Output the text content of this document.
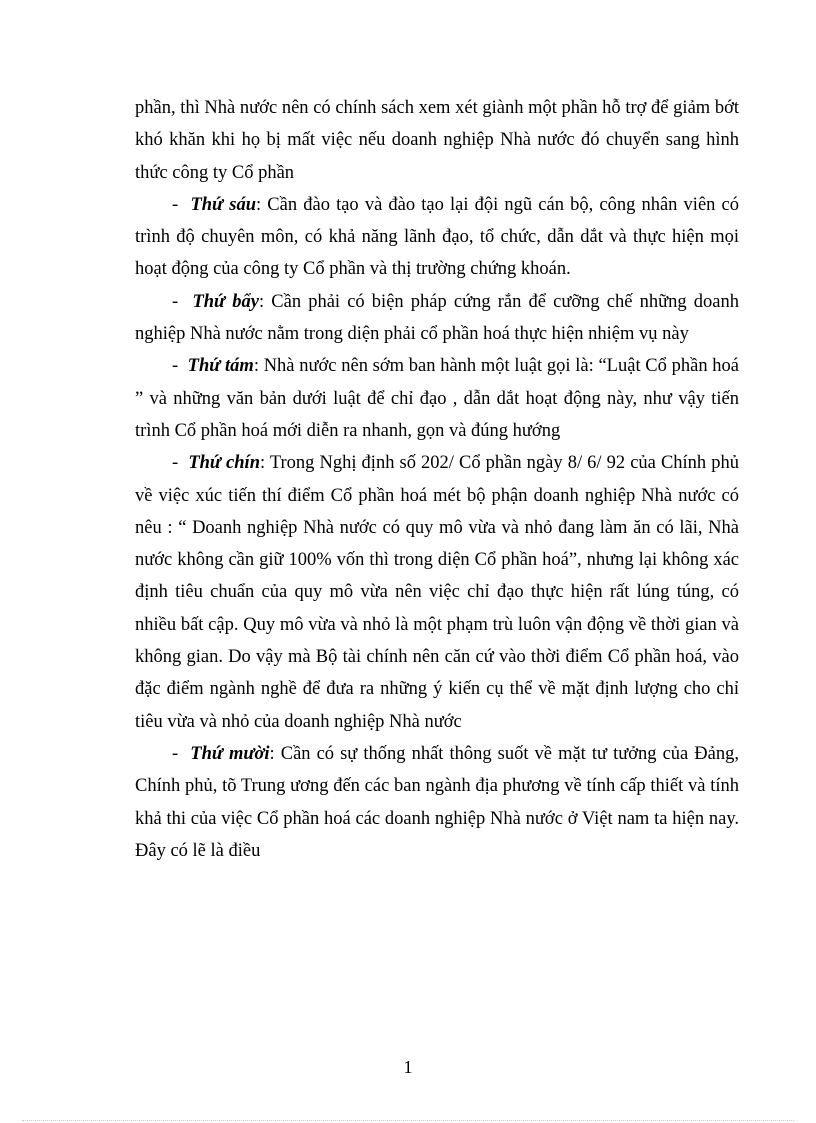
phần, thì Nhà nước nên có chính sách xem xét giành một phần hỗ trợ để giảm bớt khó khăn khi họ bị mất việc nếu doanh nghiệp Nhà nước đó chuyển sang hình thức công ty Cổ phần

- Thứ sáu: Cần đào tạo và đào tạo lại đội ngũ cán bộ, công nhân viên có trình độ chuyên môn, có khả năng lãnh đạo, tổ chức, dẫn dắt và thực hiện mọi hoạt động của công ty Cổ phần và thị trường chứng khoán.

- Thứ bẩy: Cần phải có biện pháp cứng rắn để cưỡng chế những doanh nghiệp Nhà nước nằm trong diện phải cổ phần hoá thực hiện nhiệm vụ này

- Thứ tám: Nhà nước nên sớm ban hành một luật gọi là: “Luật Cổ phần hoá ” và những văn bản dưới luật để chỉ đạo , dẫn dắt hoạt động này, như vậy tiến trình Cổ phần hoá mới diễn ra nhanh, gọn và đúng hướng

- Thứ chín: Trong Nghị định số 202/ Cổ phần ngày 8/ 6/ 92 của Chính phủ về việc xúc tiến thí điểm Cổ phần hoá mét bộ phận doanh nghiệp Nhà nước có nêu : “ Doanh nghiệp Nhà nước có quy mô vừa và nhỏ đang làm ăn có lãi, Nhà nước không cần giữ 100% vốn thì trong diện Cổ phần hoá”, nhưng lại không xác định tiêu chuẩn của quy mô vừa nên việc chỉ đạo thực hiện rất lúng túng, có nhiều bất cập. Quy mô vừa và nhỏ là một phạm trù luôn vận động về thời gian và không gian. Do vậy mà Bộ tài chính nên căn cứ vào thời điểm Cổ phần hoá, vào đặc điểm ngành nghề để đưa ra những ý kiến cụ thể về mặt định lượng cho chỉ tiêu vừa và nhỏ của doanh nghiệp Nhà nước

- Thứ mười: Cần có sự thống nhất thông suốt về mặt tư tưởng của Đảng, Chính phủ, tõ Trung ương đến các ban ngành địa phương về tính cấp thiết và tính khả thi của việc Cổ phần hoá các doanh nghiệp Nhà nước ở Việt nam ta hiện nay. Đây có lẽ là điều

1
